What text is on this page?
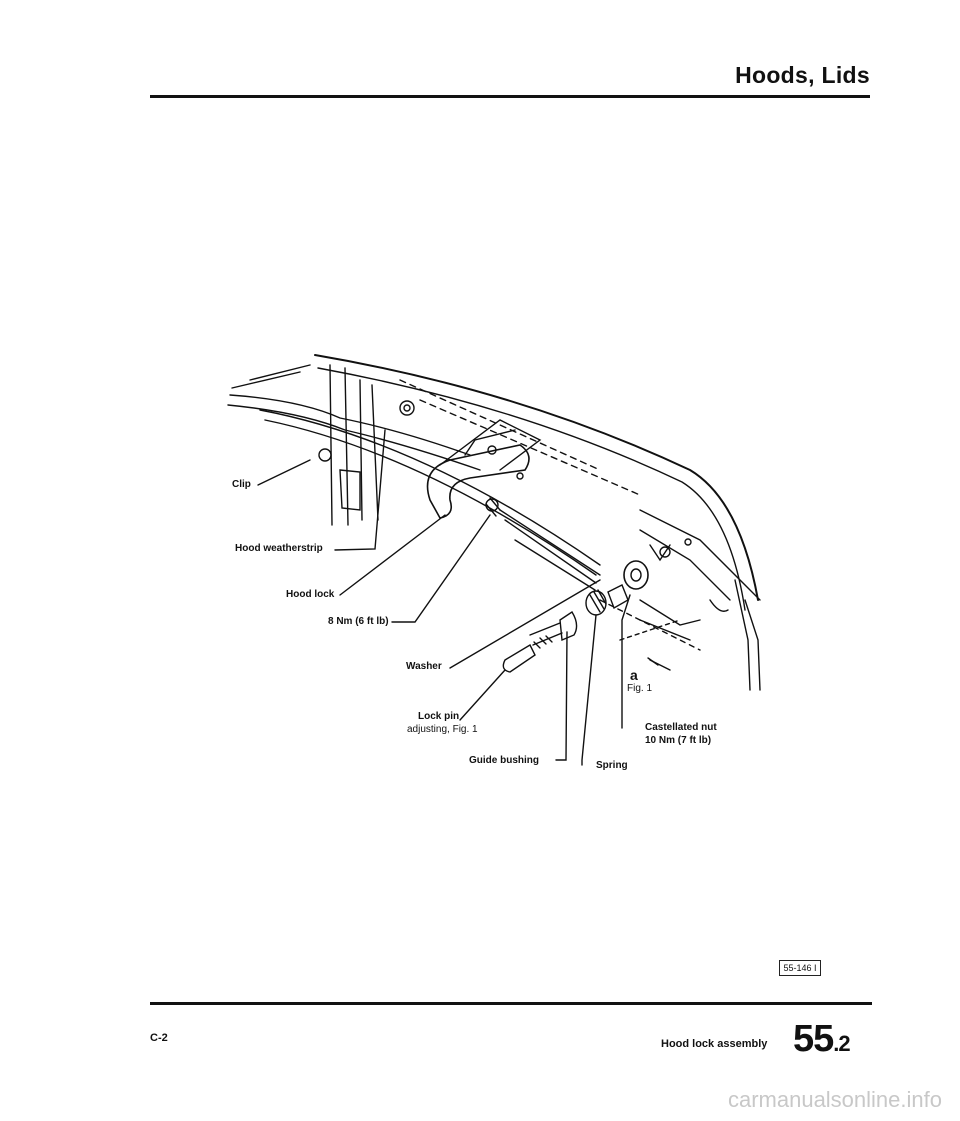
Hoods, Lids
Clip
Hood weatherstrip
Hood lock
8 Nm (6 ft lb)
Washer
Lock pin
adjusting, Fig. 1
Guide bushing	Spring
Castellated nut
10 Nm (7 ft lb)
Fig. 1
a
55-146 I
C-2	Hood lock assembly 55.2
carmanualsonline.info
